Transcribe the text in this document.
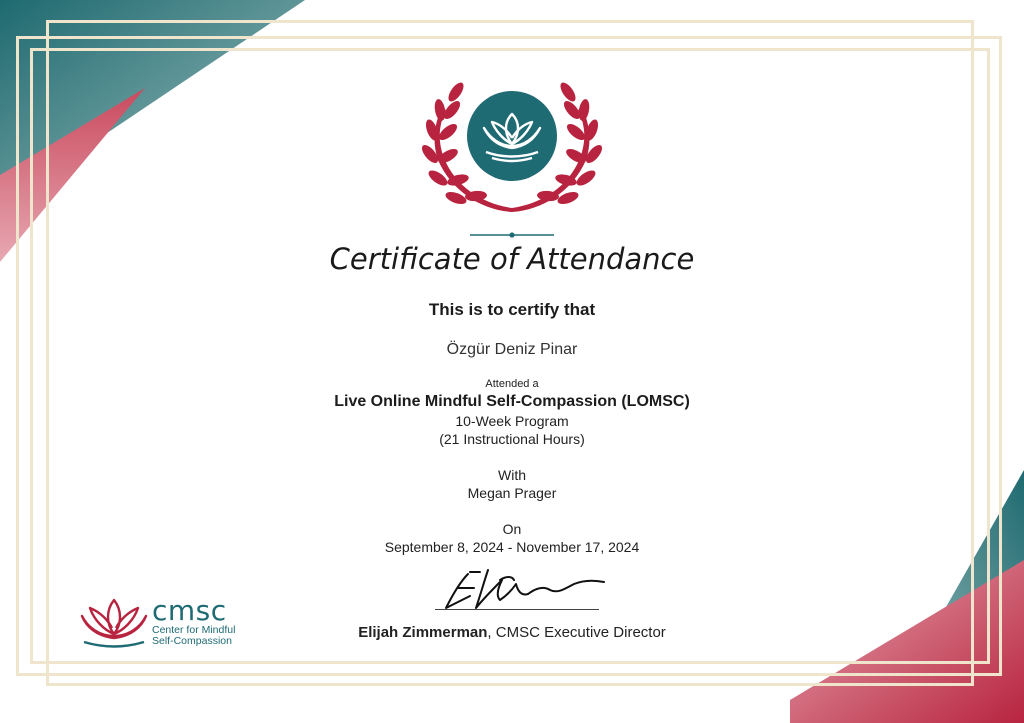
Certificate of Attendance
This is to certify that
Özgür Deniz Pinar
Attended a
Live Online Mindful Self-Compassion (LOMSC)
10-Week Program
(21 Instructional Hours)
With
Megan Prager
On
September 8, 2024 - November 17, 2024
Elijah Zimmerman, CMSC Executive Director
cmsc
Center for Mindful
Self-Compassion
